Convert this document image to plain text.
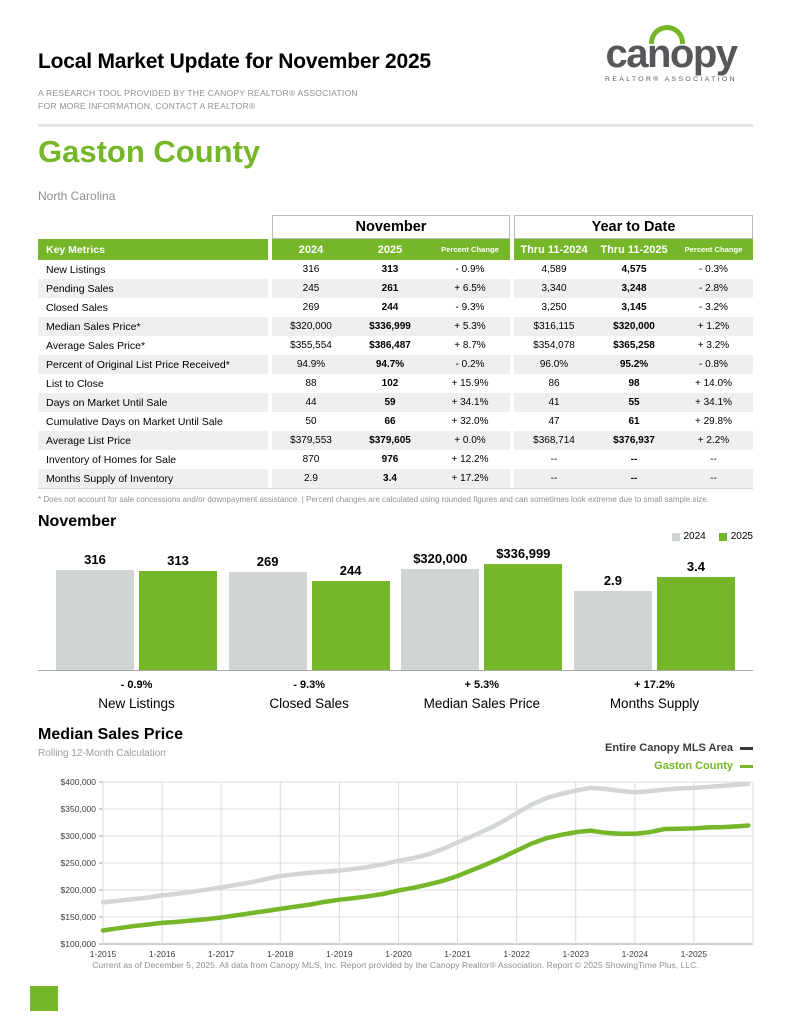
Local Market Update for November 2025
A RESEARCH TOOL PROVIDED BY THE CANOPY REALTOR® ASSOCIATION
FOR MORE INFORMATION, CONTACT A REALTOR®
canopy
REALTOR® ASSOCIATION
Gaston County
North Carolina
November	Year to Date
Key Metrics	2024	2025	Percent Change	Thru 11-2024	Thru 11-2025	Percent Change
New Listings	316	313	- 0.9%	4,589	4,575	- 0.3%
Pending Sales	245	261	+ 6.5%	3,340	3,248	- 2.8%
Closed Sales	269	244	- 9.3%	3,250	3,145	- 3.2%
Median Sales Price*	$320,000	$336,999	+ 5.3%	$316,115	$320,000	+ 1.2%
Average Sales Price*	$355,554	$386,487	+ 8.7%	$354,078	$365,258	+ 3.2%
Percent of Original List Price Received*	94.9%	94.7%	- 0.2%	96.0%	95.2%	- 0.8%
List to Close	88	102	+ 15.9%	86	98	+ 14.0%
Days on Market Until Sale	44	59	+ 34.1%	41	55	+ 34.1%
Cumulative Days on Market Until Sale	50	66	+ 32.0%	47	61	+ 29.8%
Average List Price	$379,553	$379,605	+ 0.0%	$368,714	$376,937	+ 2.2%
Inventory of Homes for Sale	870	976	+ 12.2%	--	--	--
Months Supply of Inventory	2.9	3.4	+ 17.2%	--	--	--
* Does not account for sale concessions and/or downpayment assistance. | Percent changes are calculated using rounded figures and can sometimes look extreme due to small sample size.
November
2024	2025
316	313	269
244
$320,000	$336,999
2.9
3.4
- 0.9%
New Listings
- 9.3%
Closed Sales
+ 5.3%
Median Sales Price
+ 17.2%
Months Supply
Median Sales Price
Rolling 12-Month Calculation	Entire Canopy MLS Area
Gaston County
$400,000
$350,000
$300,000
$250,000
$200,000
$150,000
$100,000
1-2015	1-2016	1-2017	1-2018	1-2019	1-2020	1-2021	1-2022	1-2023	1-2024	1-2025
Current as of December 5, 2025. All data from Canopy MLS, Inc. Report provided by the Canopy Realtor® Association. Report © 2025 ShowingTime Plus, LLC.
